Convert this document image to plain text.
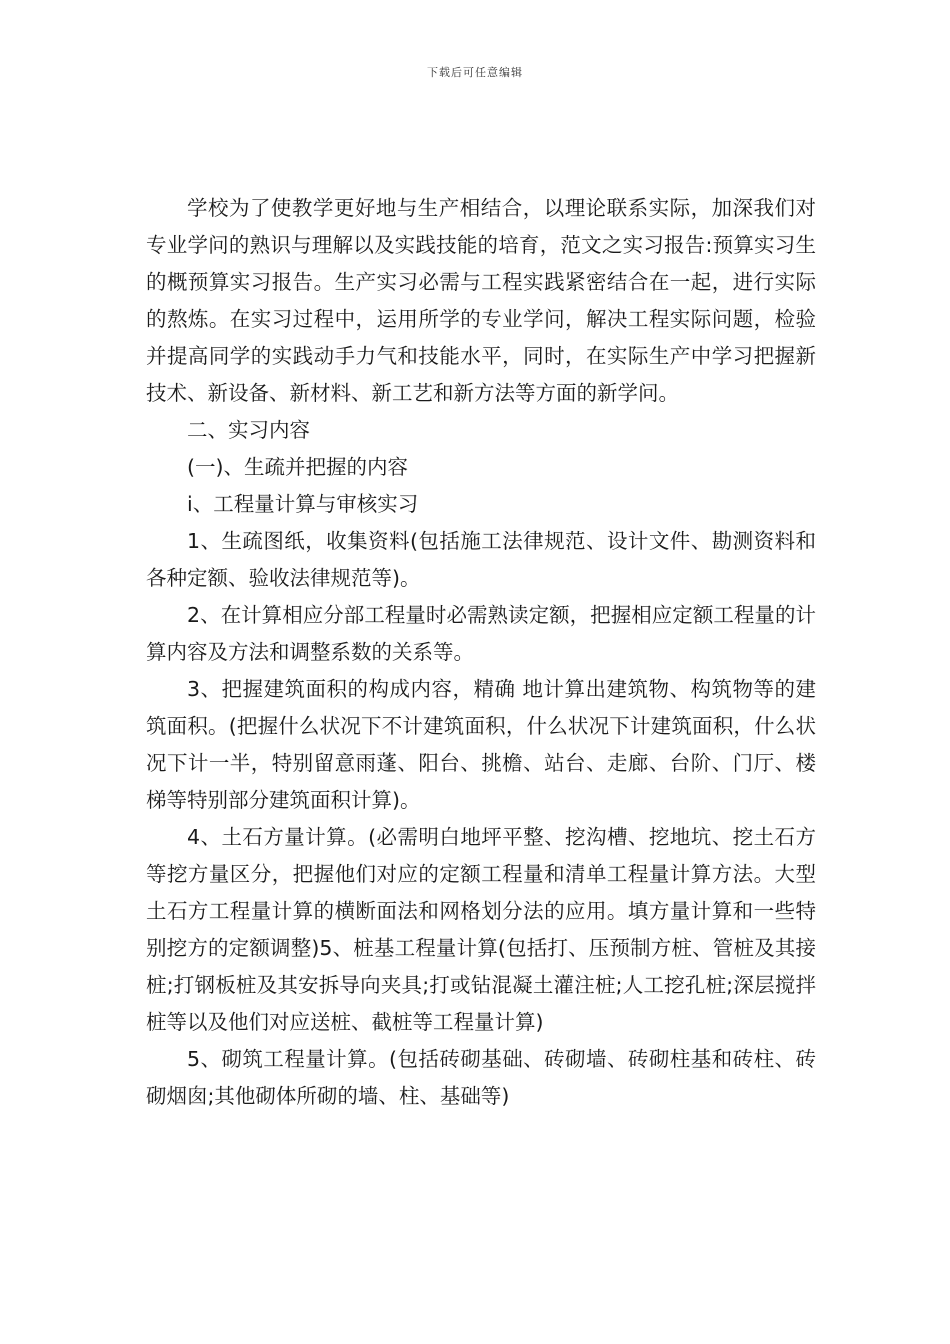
下载后可任意编辑

学校为了使教学更好地与生产相结合，以理论联系实际，加深我们对专业学问的熟识与理解以及实践技能的培育，范文之实习报告:预算实习生的概预算实习报告。生产实习必需与工程实践紧密结合在一起，进行实际的熬炼。在实习过程中，运用所学的专业学问，解决工程实际问题，检验并提高同学的实践动手力气和技能水平，同时，在实际生产中学习把握新技术、新设备、新材料、新工艺和新方法等方面的新学问。

二、实习内容

(一)、生疏并把握的内容

i、工程量计算与审核实习

1、生疏图纸，收集资料(包括施工法律规范、设计文件、勘测资料和各种定额、验收法律规范等)。

2、在计算相应分部工程量时必需熟读定额，把握相应定额工程量的计算内容及方法和调整系数的关系等。

3、把握建筑面积的构成内容，精确 地计算出建筑物、构筑物等的建筑面积。(把握什么状况下不计建筑面积，什么状况下计建筑面积，什么状况下计一半，特别留意雨蓬、阳台、挑檐、站台、走廊、台阶、门厅、楼梯等特别部分建筑面积计算)。

4、土石方量计算。(必需明白地坪平整、挖沟槽、挖地坑、挖土石方等挖方量区分，把握他们对应的定额工程量和清单工程量计算方法。大型土石方工程量计算的横断面法和网格划分法的应用。填方量计算和一些特别挖方的定额调整)5、桩基工程量计算(包括打、压预制方桩、管桩及其接桩;打钢板桩及其安拆导向夹具;打或钻混凝土灌注桩;人工挖孔桩;深层搅拌桩等以及他们对应送桩、截桩等工程量计算)

5、砌筑工程量计算。(包括砖砌基础、砖砌墙、砖砌柱基和砖柱、砖砌烟囱;其他砌体所砌的墙、柱、基础等)
